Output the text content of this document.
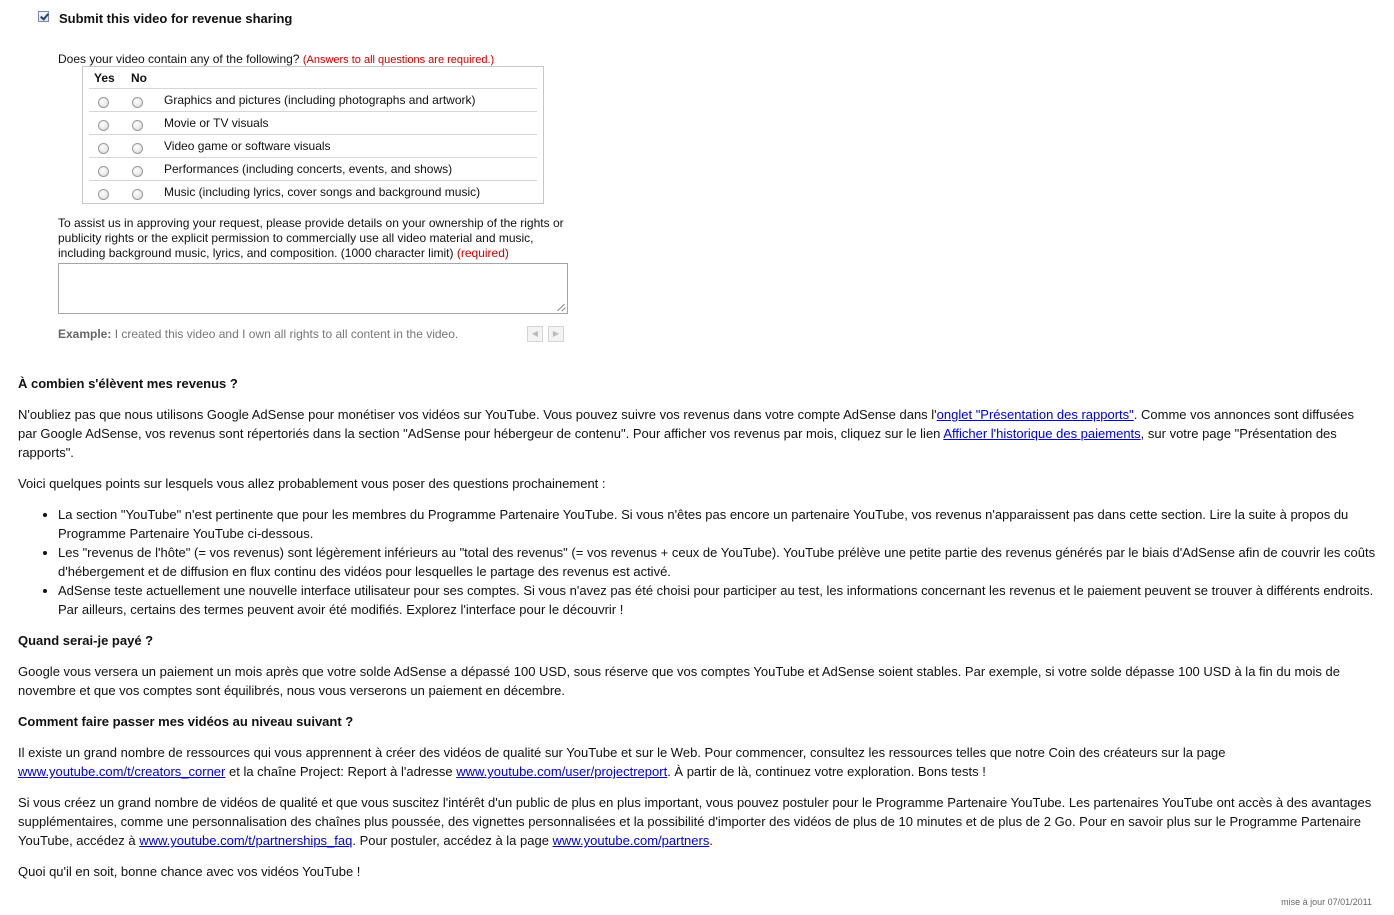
Submit this video for revenue sharing
Does your video contain any of the following? (Answers to all questions are required.)
Yes No
Graphics and pictures (including photographs and artwork)
Movie or TV visuals
Video game or software visuals
Performances (including concerts, events, and shows)
Music (including lyrics, cover songs and background music)
To assist us in approving your request, please provide details on your ownership of the rights or publicity rights or the explicit permission to commercially use all video material and music, including background music, lyrics, and composition. (1000 character limit) (required)
Example: I created this video and I own all rights to all content in the video.	◀	▶
À combien s'élèvent mes revenus ?

N'oubliez pas que nous utilisons Google AdSense pour monétiser vos vidéos sur YouTube. Vous pouvez suivre vos revenus dans votre compte AdSense dans l'onglet "Présentation des rapports". Comme vos annonces sont diffusées par Google AdSense, vos revenus sont répertoriés dans la section "AdSense pour hébergeur de contenu". Pour afficher vos revenus par mois, cliquez sur le lien Afficher l'historique des paiements, sur votre page "Présentation des rapports".

Voici quelques points sur lesquels vous allez probablement vous poser des questions prochainement :

• La section "YouTube" n'est pertinente que pour les membres du Programme Partenaire YouTube. Si vous n'êtes pas encore un partenaire YouTube, vos revenus n'apparaissent pas dans cette section. Lire la suite à propos du Programme Partenaire YouTube ci-dessous.
• Les "revenus de l'hôte" (= vos revenus) sont légèrement inférieurs au "total des revenus" (= vos revenus + ceux de YouTube). YouTube prélève une petite partie des revenus générés par le biais d'AdSense afin de couvrir les coûts d'hébergement et de diffusion en flux continu des vidéos pour lesquelles le partage des revenus est activé.
• AdSense teste actuellement une nouvelle interface utilisateur pour ses comptes. Si vous n'avez pas été choisi pour participer au test, les informations concernant les revenus et le paiement peuvent se trouver à différents endroits. Par ailleurs, certains des termes peuvent avoir été modifiés. Explorez l'interface pour le découvrir !
Quand serai-je payé ?

Google vous versera un paiement un mois après que votre solde AdSense a dépassé 100 USD, sous réserve que vos comptes YouTube et AdSense soient stables. Par exemple, si votre solde dépasse 100 USD à la fin du mois de novembre et que vos comptes sont équilibrés, nous vous verserons un paiement en décembre.

Comment faire passer mes vidéos au niveau suivant ?

Il existe un grand nombre de ressources qui vous apprennent à créer des vidéos de qualité sur YouTube et sur le Web. Pour commencer, consultez les ressources telles que notre Coin des créateurs sur la page www.youtube.com/t/creators_corner et la chaîne Project: Report à l'adresse www.youtube.com/user/projectreport. À partir de là, continuez votre exploration. Bons tests !

Si vous créez un grand nombre de vidéos de qualité et que vous suscitez l'intérêt d'un public de plus en plus important, vous pouvez postuler pour le Programme Partenaire YouTube. Les partenaires YouTube ont accès à des avantages supplémentaires, comme une personnalisation des chaînes plus poussée, des vignettes personnalisées et la possibilité d'importer des vidéos de plus de 10 minutes et de plus de 2 Go. Pour en savoir plus sur le Programme Partenaire YouTube, accédez à www.youtube.com/t/partnerships_faq. Pour postuler, accédez à la page www.youtube.com/partners.

Quoi qu'il en soit, bonne chance avec vos vidéos YouTube !

mise à jour 07/01/2011
